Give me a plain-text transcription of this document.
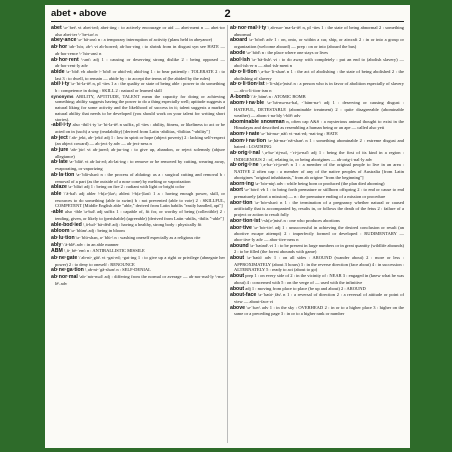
abet • above	2

abet \ə-ˈbet\ vt abet·ted; abet·ting : to actively encourage or aid — abet·ment n — abet·tor also abet·ter \-ˈbe-tər\ n

abey·ance \ə-ˈbā-əns\ n : a temporary interruption of activity (plans held in abeyance)

ab·hor \ab-ˈhȯr, əb-\ vt ab·horred; ab·hor·ring : to shrink from in disgust syn see HATE — ab·hor·rence \-ˈhȯr-əns\ n

ab·hor·rent \-ənt\ adj 1 : causing or deserving strong dislike 2 : being opposed — ab·hor·rent·ly adv

abide \ə-ˈbīd\ vb abode \-ˈbōd\ or abid·ed; abid·ing 1 : to bear patiently : TOLERATE 2 : to last 3 : to dwell, to remain — abide by : to accept the terms of (he abided by the rules)

abil·i·ty \ə-ˈbi-lə-tē\ n, pl -ties 1 a : the quality or state of being able : power to do something b : competence in doing : SKILL 2 : natural or learned skill

synonyms ABILITY, APTITUDE, TALENT mean the capacity for doing or achieving something; ability suggests having the power to do a thing especially well; aptitude suggests a natural liking for some activity and the likelihood of success in it; talent suggests a marked natural ability that needs to be developed (you should work on your talent for writing short stories).

-abil·i·ty also -ibil·i·ty \ə-ˈbi-lə-tē\ n suffix, pl -ties : ability, fitness, or likeliness to act or be acted on in (such) a way (readability) [derived from Latin -abilitas, -ibilitas "-ability"]

ab·ject \ˈab-ˌjekt, ab-ˈjekt\ adj 1 : low in spirit or hope (abject poverty) 2 : lacking self-respect (an abject coward) — ab·ject·ly adv — ab·ject·ness n

ab·jure \ab-ˈju̇r\ vt ab·jured; ab·jur·ing : to give up, abandon, or reject solemnly (abjure allegiance)

ab·late \a-ˈblāt\ vt ab·lat·ed; ab·lat·ing : to remove or be removed by cutting, wearing away, evaporating, or vaporizing

ab·la·tion \a-ˈblā-shən\ n : the process of ablating: as a : surgical cutting and removal b : removal of a part (as the outside of a nose cone) by melting or vaporization

ablaze \ə-ˈblāz\ adj 1 : being on fire 2 : radiant with light or bright color

able \ˈā-bəl\ adj abler \-b(ə-)lər\; ablest \-b(ə-)ləst\ 1 a : having enough power, skill, or resources to do something (able to swim) b : not prevented (able to vote) 2 : SKILLFUL, COMPETENT [Middle English able "able," derived from Latin habilis "easily handled, apt"]

-able also -ible \ə-bəl\ adj suffix 1 : capable of, fit for, or worthy of being (collectible) 2 : tending, given, or likely to (perishable) (agreeable) [derived from Latin -abilis, -ibilis "-able"]

able-bod·ied \ˌā-bəl-ˈbä-dēd\ adj : having a healthy, strong body : physically fit

abloom \ə-ˈblüm\ adj : being in bloom

ab·lu·tion \ə-ˈblü-shən, a-ˈblü-\ n : washing oneself especially as a religious rite

ably \ˈā-blē\ adv : in an able manner

ABM \ˌā-ˌbē-ˈem\ n : ANTIBALLISTIC MISSILE

ab·ne·gate \ˈab-ni-ˌgāt\ vt -gat·ed; -gat·ing 1 : to give up a right or privilege (abnegate her power) 2 : to deny to oneself : RENOUNCE

ab·ne·ga·tion \ˌab-ni-ˈgā-shən\ n : SELF-DENIAL

ab·nor·mal \ab-ˈnȯr-məl\ adj : differing from the normal or average — ab·nor·mal·ly \-mə-lē\ adv

ab·nor·mal·i·ty \ˌab-nər-ˈma-lə-tē\ n, pl -ties 1 : the state of being abnormal 2 : something abnormal

aboard \ə-ˈbōrd\ adv 1 : on, onto, or within a car, ship, or aircraft 2 : in or into a group or organization (welcome aboard) — prep : on or into (aboard the bus)

abode \ə-ˈbōd\ n : the place where one stays or lives

abol·ish \ə-ˈbä-lish\ vt : to do away with completely : put an end to (abolish slavery) — abol·ish·er n — abol·ish·ment n

ab·o·li·tion \ˌa-bə-ˈli-shən\ n 1 : the act of abolishing : the state of being abolished 2 : the abolishing of slavery

ab·o·li·tion·ist \-ˈli-sh(ə-)nist\ n : a person who is in favor of abolition especially of slavery — ab·o·li·tion·ism n

A-bomb \ˈā-ˌbäm\ n : ATOMIC BOMB

abom·i·na·ble \ə-ˈbä-mə-nə-bəl, -ˈbäm-nə-\ adj 1 : deserving or causing disgust : HATEFUL, DETESTABLE (abominable treatment) 2 : quite disagreeable (abominable weather) — abom·i·na·bly \-blē\ adv

abominable snowman n, often cap A&S : a mysterious animal thought to exist in the Himalayas and described as resembling a human being or an ape — called also yeti

abom·i·nate \ə-ˈbä-mə-ˌnāt\ vt -nat·ed; -nat·ing : HATE

abom·i·na·tion \ə-ˌbä-mə-ˈnā-shən\ n 1 : something abominable 2 : extreme disgust and hatred : LOATHING

ab·orig·i·nal \ˌa-bə-ˈrij-nəl, -ˈri-jə-nəl\ adj 1 : being the first of its kind in a region : INDIGENOUS 2 : of, relating to, or being aborigines — ab·orig·i·nal·ly adv

ab·orig·i·ne \ˌa-bə-ˈri-jə-nē\ n 1 : a member of the original people to live in an area : NATIVE 2 often cap : a member of any of the native peoples of Australia [from Latin aborigines "original inhabitants," from ab origine "from the beginning"]

aborn·ing \ə-ˈbȯr-niŋ\ adv : while being born or produced (the plan died aborning)

abort \ə-ˈbȯrt\ vb 1 : to bring forth premature or stillborn offspring 2 : to end or cause to end prematurely (abort a mission) — n : the premature ending of a mission or procedure

abor·tion \ə-ˈbȯr-shən\ n 1 : the termination of a pregnancy whether natural or caused artificially that is accompanied by, results in, or follows the death of the fetus 2 : failure of a project or action to result fully

abor·tion·ist \-sh(ə-)nist\ n : one who produces abortions

abor·tive \ə-ˈbȯr-tiv\ adj 1 : unsuccessful in achieving the desired conclusion or result (an abortive escape attempt) 2 : imperfectly formed or developed : RUDIMENTARY — abor·tive·ly adv — abor·tive·ness n

abound \ə-ˈbau̇nd\ vi 1 : to be present in large numbers or in great quantity (wildlife abounds) 2 : to be filled (the forest abounds with game)

about \ə-ˈbau̇t\ adv 1 : on all sides : AROUND (wander about) 2 : more or less : APPROXIMATELY (about 3 hours) 3 : in the reverse direction (face about) 4 : in succession : ALTERNATELY 5 : ready to act (about to go)

about prep 1 : on every side of 2 : in the vicinity of : NEAR 3 : engaged in (knew what he was about) 4 : concerned with 5 : on the verge of — used with the infinitive

about adj 1 : moving from place to place (be up and about) 2 : AROUND

about-face \ə-ˈbau̇t-ˌfās\ n 1 : a reversal of direction 2 : a reversal of attitude or point of view — about-face vi

above \ə-ˈbəv\ adv 1 : in the sky : OVERHEAD 2 : in or to a higher place 3 : higher on the same or a preceding page 3 : in or to a higher rank or number
